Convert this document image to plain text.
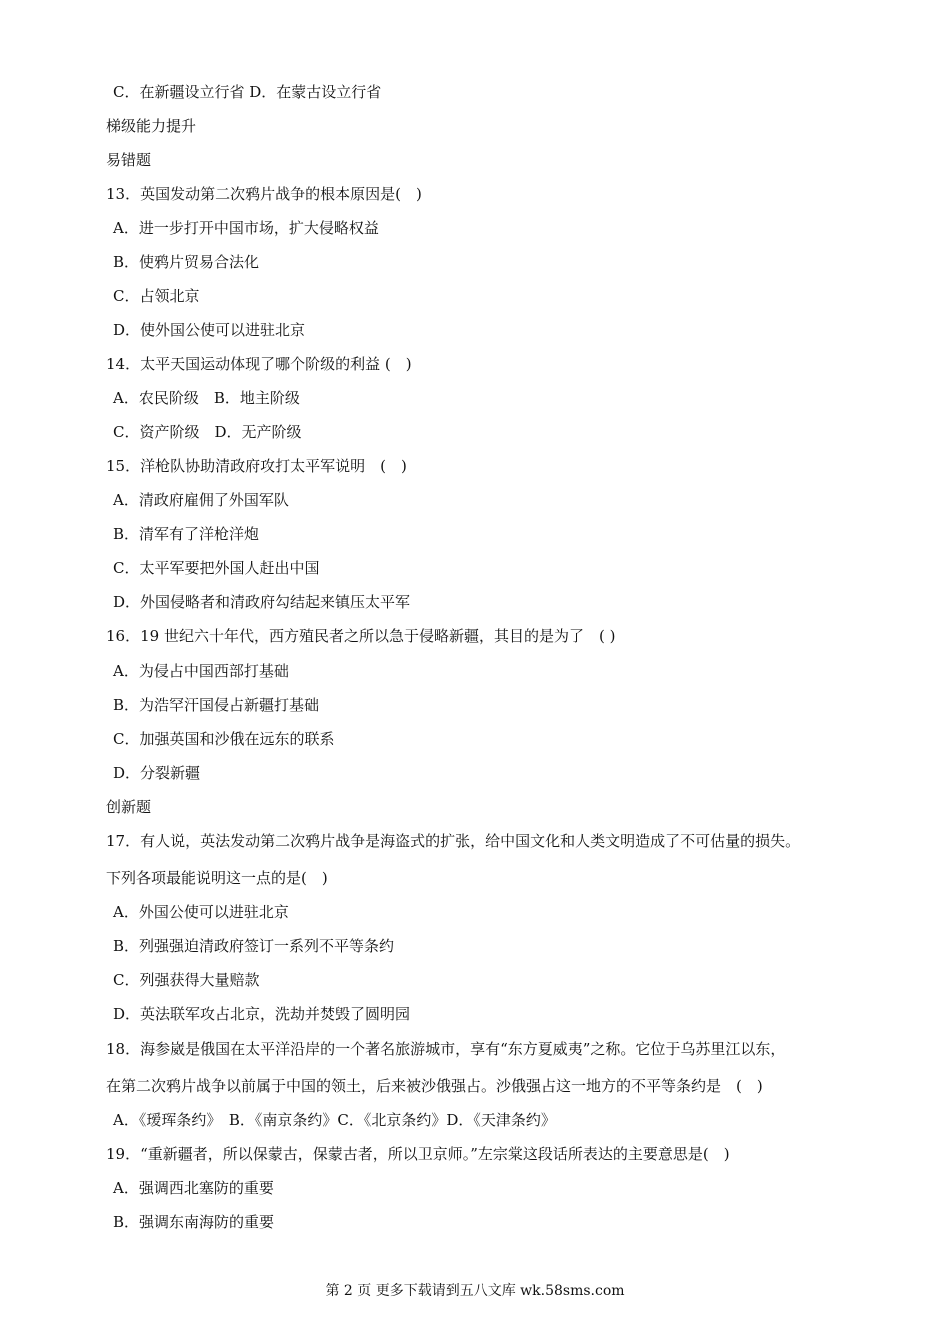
C．在新疆设立行省 D．在蒙古设立行省
梯级能力提升
易错题
13．英国发动第二次鸦片战争的根本原因是(　)
A．进一步打开中国市场，扩大侵略权益
B．使鸦片贸易合法化
C．占领北京
D．使外国公使可以进驻北京
14．太平天国运动体现了哪个阶级的利益 (　)
A．农民阶级　B．地主阶级
C．资产阶级　D．无产阶级
15．洋枪队协助清政府攻打太平军说明　(　)
A．清政府雇佣了外国军队
B．清军有了洋枪洋炮
C．太平军要把外国人赶出中国
D．外国侵略者和清政府勾结起来镇压太平军
16．19 世纪六十年代，西方殖民者之所以急于侵略新疆，其目的是为了　( )
A．为侵占中国西部打基础
B．为浩罕汗国侵占新疆打基础
C．加强英国和沙俄在远东的联系
D．分裂新疆
创新题
17．有人说，英法发动第二次鸦片战争是海盗式的扩张，给中国文化和人类文明造成了不可估量的损失。
下列各项最能说明这一点的是(　)
A．外国公使可以进驻北京
B．列强强迫清政府签订一系列不平等条约
C．列强获得大量赔款
D．英法联军攻占北京，洗劫并焚毁了圆明园
18．海参崴是俄国在太平洋沿岸的一个著名旅游城市，享有“东方夏威夷”之称。它位于乌苏里江以东，
在第二次鸦片战争以前属于中国的领土，后来被沙俄强占。沙俄强占这一地方的不平等条约是　(　)
A．《瑷珲条约》　B．《南京条约》C．《北京条约》D．《天津条约》
19．“重新疆者，所以保蒙古，保蒙古者，所以卫京师。”左宗棠这段话所表达的主要意思是(　)
A．强调西北塞防的重要
B．强调东南海防的重要
第 2 页 更多下载请到五八文库 wk.58sms.com
